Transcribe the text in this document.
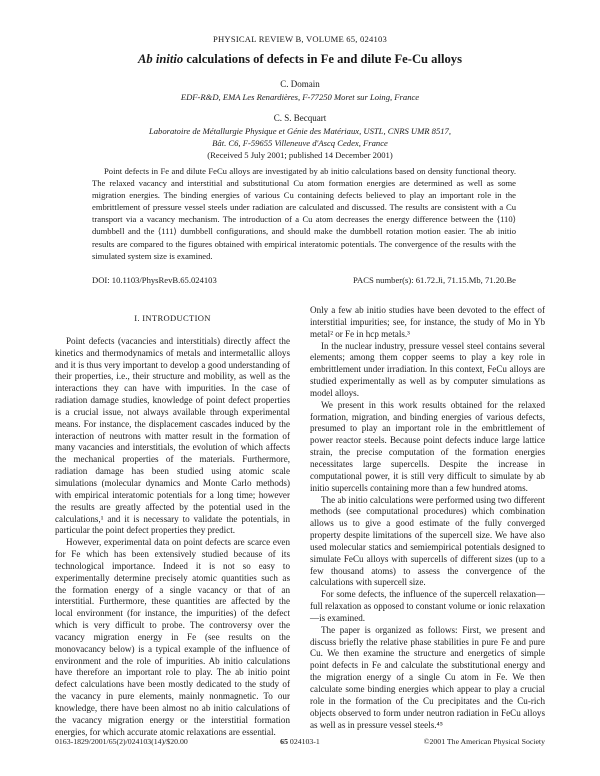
PHYSICAL REVIEW B, VOLUME 65, 024103
Ab initio calculations of defects in Fe and dilute Fe-Cu alloys
C. Domain
EDF-R&D, EMA Les Renardières, F-77250 Moret sur Loing, France
C. S. Becquart
Laboratoire de Métallurgie Physique et Génie des Matériaux, USTL, CNRS UMR 8517,
Bât. C6, F-59655 Villeneuve d'Ascq Cedex, France
(Received 5 July 2001; published 14 December 2001)
Point defects in Fe and dilute FeCu alloys are investigated by ab initio calculations based on density functional theory. The relaxed vacancy and interstitial and substitutional Cu atom formation energies are determined as well as some migration energies. The binding energies of various Cu containing defects believed to play an important role in the embrittlement of pressure vessel steels under radiation are calculated and discussed. The results are consistent with a Cu transport via a vacancy mechanism. The introduction of a Cu atom decreases the energy difference between the ⟨110⟩ dumbbell and the ⟨111⟩ dumbbell configurations, and should make the dumbbell rotation motion easier. The ab initio results are compared to the figures obtained with empirical interatomic potentials. The convergence of the results with the simulated system size is examined.
DOI: 10.1103/PhysRevB.65.024103	PACS number(s): 61.72.Ji, 71.15.Mb, 71.20.Be

I. INTRODUCTION

Point defects (vacancies and interstitials) directly affect the kinetics and thermodynamics of metals and intermetallic alloys and it is thus very important to develop a good understanding of their properties, i.e., their structure and mobility, as well as the interactions they can have with impurities. In the case of radiation damage studies, knowledge of point defect properties is a crucial issue, not always available through experimental means. For instance, the displacement cascades induced by the interaction of neutrons with matter result in the formation of many vacancies and interstitials, the evolution of which affects the mechanical properties of the materials. Furthermore, radiation damage has been studied using atomic scale simulations (molecular dynamics and Monte Carlo methods) with empirical interatomic potentials for a long time; however the results are greatly affected by the potential used in the calculations,¹ and it is necessary to validate the potentials, in particular the point defect properties they predict.

However, experimental data on point defects are scarce even for Fe which has been extensively studied because of its technological importance. Indeed it is not so easy to experimentally determine precisely atomic quantities such as the formation energy of a single vacancy or that of an interstitial. Furthermore, these quantities are affected by the local environment (for instance, the impurities) of the defect which is very difficult to probe. The controversy over the vacancy migration energy in Fe (see results on the monovacancy below) is a typical example of the influence of environment and the role of impurities. Ab initio calculations have therefore an important role to play. The ab initio point defect calculations have been mostly dedicated to the study of the vacancy in pure elements, mainly nonmagnetic. To our knowledge, there have been almost no ab initio calculations of the vacancy migration energy or the interstitial formation energies, for which accurate atomic relaxations are essential.

Only a few ab initio studies have been devoted to the effect of interstitial impurities; see, for instance, the study of Mo in Yb metal² or Fe in hcp metals.³

In the nuclear industry, pressure vessel steel contains several elements; among them copper seems to play a key role in embrittlement under irradiation. In this context, FeCu alloys are studied experimentally as well as by computer simulations as model alloys.

We present in this work results obtained for the relaxed formation, migration, and binding energies of various defects, presumed to play an important role in the embrittlement of power reactor steels. Because point defects induce large lattice strain, the precise computation of the formation energies necessitates large supercells. Despite the increase in computational power, it is still very difficult to simulate by ab initio supercells containing more than a few hundred atoms.

The ab initio calculations were performed using two different methods (see computational procedures) which combination allows us to give a good estimate of the fully converged property despite limitations of the supercell size. We have also used molecular statics and semiempirical potentials designed to simulate FeCu alloys with supercells of different sizes (up to a few thousand atoms) to assess the convergence of the calculations with supercell size.

For some defects, the influence of the supercell relaxation—full relaxation as opposed to constant volume or ionic relaxation—is examined.

The paper is organized as follows: First, we present and discuss briefly the relative phase stabilities in pure Fe and pure Cu. We then examine the structure and energetics of simple point defects in Fe and calculate the substitutional energy and the migration energy of a single Cu atom in Fe. We then calculate some binding energies which appear to play a crucial role in the formation of the Cu precipitates and the Cu-rich objects observed to form under neutron radiation in FeCu alloys as well as in pressure vessel steels.⁴⁵

0163-1829/2001/65(2)/024103(14)/$20.00	65 024103-1	©2001 The American Physical Society
